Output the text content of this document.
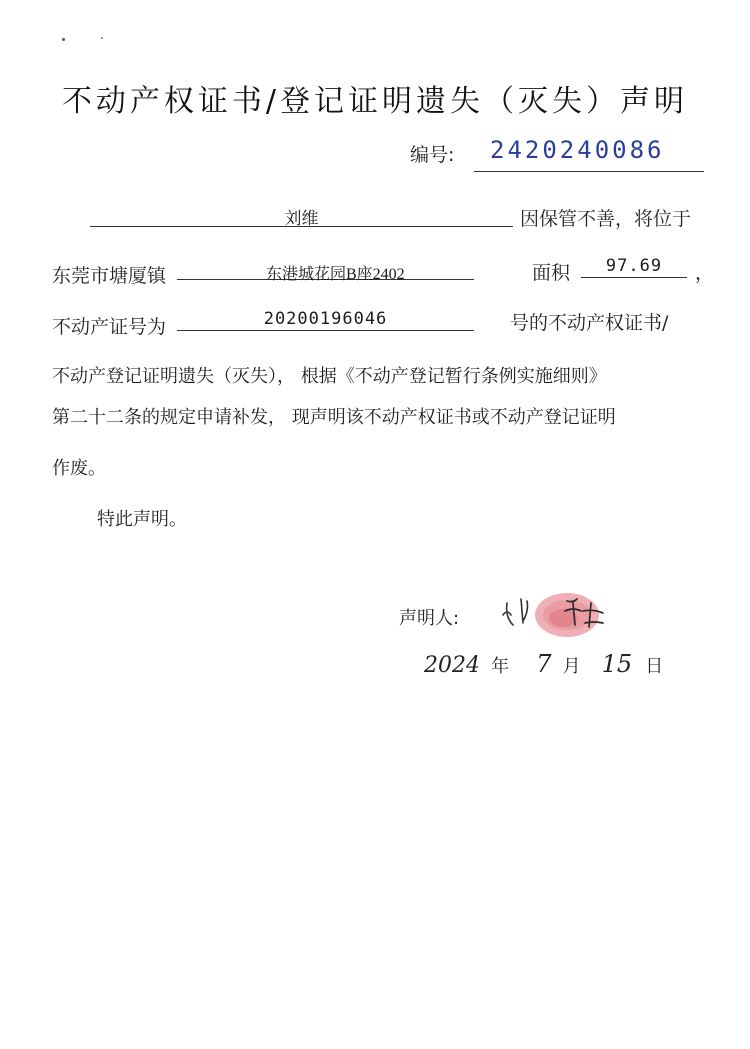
不动产权证书/登记证明遗失（灭失）声明
编号: 2420240086
刘维	因保管不善，将位于
东莞市塘厦镇	东港城花园B座2402	面积	97.69	，
不动产证号为	20200196046	号的不动产权证书/
不动产登记证明遗失（灭失）， 根据《不动产登记暂行条例实施细则》
第二十二条的规定申请补发， 现声明该不动产权证书或不动产登记证明
作废。
特此声明。
声明人:
2024 年 7 月 15 日
